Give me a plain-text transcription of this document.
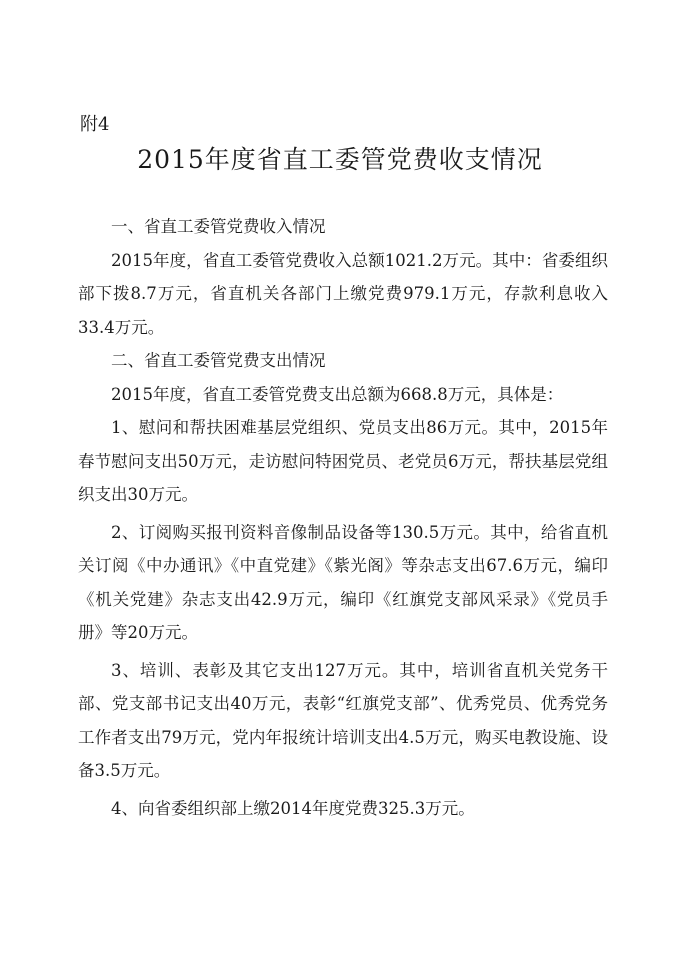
附4
2015年度省直工委管党费收支情况

一、省直工委管党费收入情况

2015年度，省直工委管党费收入总额1021.2万元。其中：省委组织部下拨8.7万元，省直机关各部门上缴党费979.1万元，存款利息收入33.4万元。

二、省直工委管党费支出情况

2015年度，省直工委管党费支出总额为668.8万元，具体是：

1、慰问和帮扶困难基层党组织、党员支出86万元。其中，2015年春节慰问支出50万元，走访慰问特困党员、老党员6万元，帮扶基层党组织支出30万元。

2、订阅购买报刊资料音像制品设备等130.5万元。其中，给省直机关订阅《中办通讯》《中直党建》《紫光阁》等杂志支出67.6万元，编印《机关党建》杂志支出42.9万元，编印《红旗党支部风采录》《党员手册》等20万元。

3、培训、表彰及其它支出127万元。其中，培训省直机关党务干部、党支部书记支出40万元，表彰“红旗党支部”、优秀党员、优秀党务工作者支出79万元，党内年报统计培训支出4.5万元，购买电教设施、设备3.5万元。

4、向省委组织部上缴2014年度党费325.3万元。
